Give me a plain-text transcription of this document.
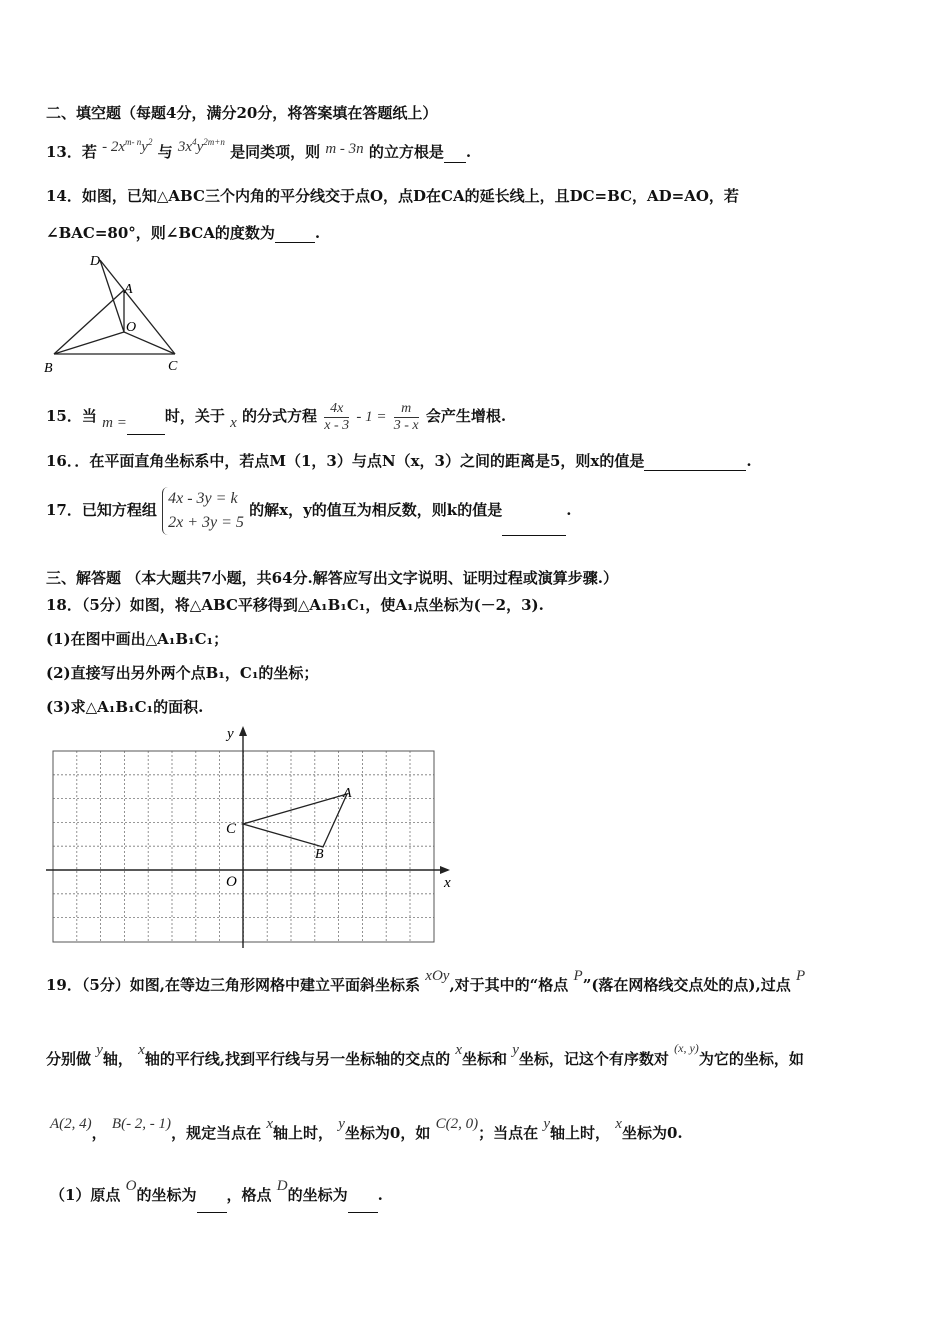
二、填空题（每题4分，满分20分，将答案填在答题纸上）
13．若 - $2x^{m- n}y^2$ 与 $3x^4y^{2m+n}$ 是同类项，则 m - 3n 的立方根是 .
14．如图，已知△ABC三个内角的平分线交于点O，点D在CA的延长线上，且DC=BC，AD=AO，若
∠BAC=80°，则∠BCA的度数为	.
D
A
O
B	C
15．当 m =	时，关于 x 的分式方程 $\frac{4x}{x - 3} - 1 = \frac{m}{3 - x}$ 会产生增根.
16．．在平面直角坐标系中，若点M（1，3）与点N（x，3）之间的距离是5，则x的值是	.
17．已知方程组
4x - 3y = k
2x + 3y = 5
的解x，y的值互为相反数，则k的值是	.
三、解答题 （本大题共7小题，共64分.解答应写出文字说明、证明过程或演算步骤.）
18．（5分）如图，将△ABC平移得到△A₁B₁C₁，使A₁点坐标为(－2，3).
(1)在图中画出△A₁B₁C₁；
(2)直接写出另外两个点B₁，C₁的坐标；
(3)求△A₁B₁C₁的面积.
y
x
O
A
B
C
19．（5分）如图,在等边三角形网格中建立平面斜坐标系 xOy,对于其中的“格点 P”(落在网格线交点处的点),过点 P
分别做 y轴， x轴的平行线,找到平行线与另一坐标轴的交点的 x坐标和 y坐标，记这个有序数对 $^{(x, y)}$为它的坐标，如
A(2, 4)， B(- 2, - 1)，规定当点在 x轴上时， y坐标为0，如 C(2, 0)；当点在 y轴上时， x坐标为0.
（1）原点 O的坐标为 ，格点 D的坐标为 .
